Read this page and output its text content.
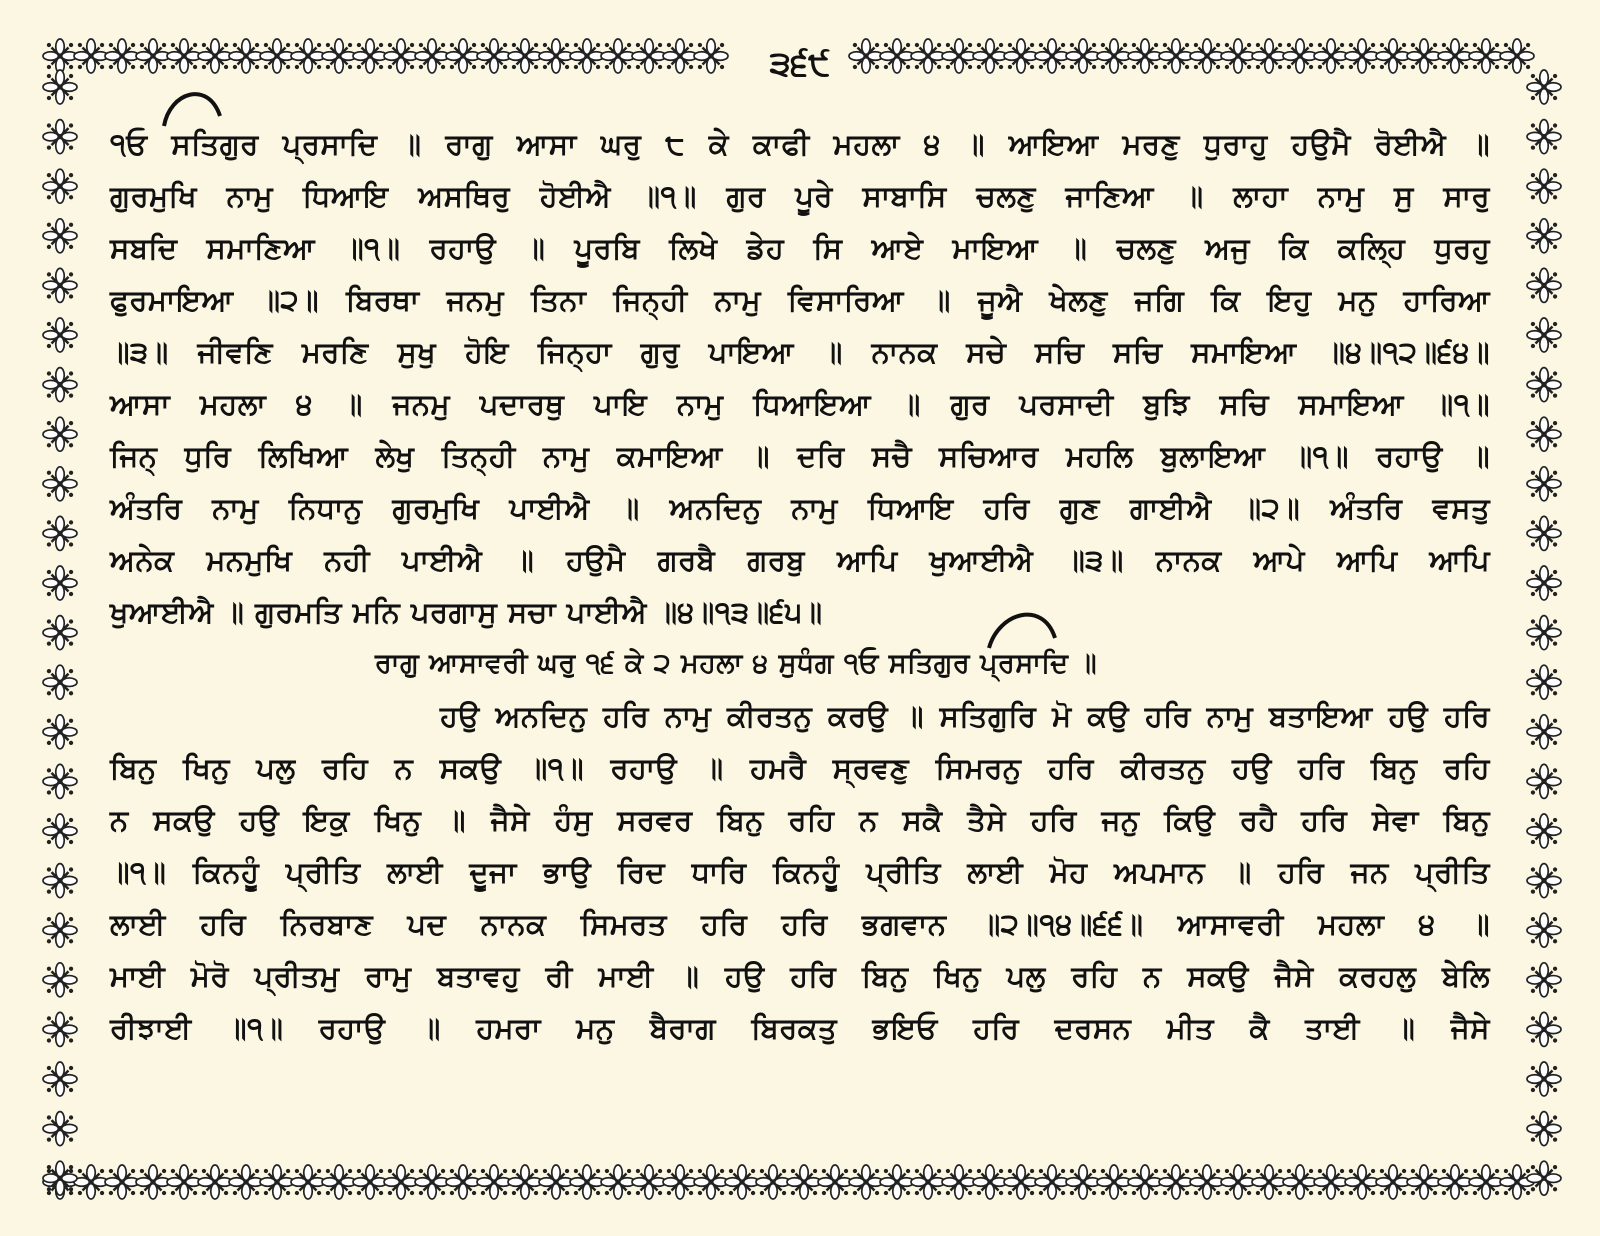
੩੬੯
੧ਓ ਸਤਿਗੁਰ ਪ੍ਰਸਾਦਿ ॥ ਰਾਗੁ ਆਸਾ ਘਰੁ ੮ ਕੇ ਕਾਫੀ ਮਹਲਾ ੪ ॥ ਆਇਆ ਮਰਣੁ ਧੁਰਾਹੁ ਹਉਮੈ ਰੋਈਐ ॥
ਗੁਰਮੁਖਿ ਨਾਮੁ ਧਿਆਇ ਅਸਥਿਰੁ ਹੋਈਐ ॥੧॥ ਗੁਰ ਪੂਰੇ ਸਾਬਾਸਿ ਚਲਣੁ ਜਾਣਿਆ ॥ ਲਾਹਾ ਨਾਮੁ ਸੁ ਸਾਰੁ
ਸਬਦਿ ਸਮਾਣਿਆ ॥੧॥ ਰਹਾਉ ॥ ਪੂਰਬਿ ਲਿਖੇ ਡੇਹ ਸਿ ਆਏ ਮਾਇਆ ॥ ਚਲਣੁ ਅਜੁ ਕਿ ਕਲ੍ਹਿ ਧੁਰਹੁ
ਫੁਰਮਾਇਆ ॥੨॥ ਬਿਰਥਾ ਜਨਮੁ ਤਿਨਾ ਜਿਨ੍ਹੀ ਨਾਮੁ ਵਿਸਾਰਿਆ ॥ ਜੂਐ ਖੇਲਣੁ ਜਗਿ ਕਿ ਇਹੁ ਮਨੁ ਹਾਰਿਆ
॥੩॥ ਜੀਵਣਿ ਮਰਣਿ ਸੁਖੁ ਹੋਇ ਜਿਨ੍ਹਾ ਗੁਰੁ ਪਾਇਆ ॥ ਨਾਨਕ ਸਚੇ ਸਚਿ ਸਚਿ ਸਮਾਇਆ ॥੪॥੧੨॥੬੪॥
ਆਸਾ ਮਹਲਾ ੪ ॥ ਜਨਮੁ ਪਦਾਰਥੁ ਪਾਇ ਨਾਮੁ ਧਿਆਇਆ ॥ ਗੁਰ ਪਰਸਾਦੀ ਬੁਝਿ ਸਚਿ ਸਮਾਇਆ ॥੧॥
ਜਿਨ੍ ਧੁਰਿ ਲਿਖਿਆ ਲੇਖੁ ਤਿਨ੍ਹੀ ਨਾਮੁ ਕਮਾਇਆ ॥ ਦਰਿ ਸਚੈ ਸਚਿਆਰ ਮਹਲਿ ਬੁਲਾਇਆ ॥੧॥ ਰਹਾਉ ॥
ਅੰਤਰਿ ਨਾਮੁ ਨਿਧਾਨੁ ਗੁਰਮੁਖਿ ਪਾਈਐ ॥ ਅਨਦਿਨੁ ਨਾਮੁ ਧਿਆਇ ਹਰਿ ਗੁਣ ਗਾਈਐ ॥੨॥ ਅੰਤਰਿ ਵਸਤੁ
ਅਨੇਕ ਮਨਮੁਖਿ ਨਹੀ ਪਾਈਐ ॥ ਹਉਮੈ ਗਰਬੈ ਗਰਬੁ ਆਪਿ ਖੁਆਈਐ ॥੩॥ ਨਾਨਕ ਆਪੇ ਆਪਿ ਆਪਿ
ਖੁਆਈਐ ॥ ਗੁਰਮਤਿ ਮਨਿ ਪਰਗਾਸੁ ਸਚਾ ਪਾਈਐ ॥੪॥੧੩॥੬੫॥
ਰਾਗੁ ਆਸਾਵਰੀ ਘਰੁ ੧੬ ਕੇ ੨ ਮਹਲਾ ੪ ਸੁਧੰਗ ੧ਓ ਸਤਿਗੁਰ ਪ੍ਰਸਾਦਿ ॥
ਹਉ ਅਨਦਿਨੁ ਹਰਿ ਨਾਮੁ ਕੀਰਤਨੁ ਕਰਉ ॥ ਸਤਿਗੁਰਿ ਮੋ ਕਉ ਹਰਿ ਨਾਮੁ ਬਤਾਇਆ ਹਉ ਹਰਿ
ਬਿਨੁ ਖਿਨੁ ਪਲੁ ਰਹਿ ਨ ਸਕਉ ॥੧॥ ਰਹਾਉ ॥ ਹਮਰੈ ਸ੍ਰਵਣੁ ਸਿਮਰਨੁ ਹਰਿ ਕੀਰਤਨੁ ਹਉ ਹਰਿ ਬਿਨੁ ਰਹਿ
ਨ ਸਕਉ ਹਉ ਇਕੁ ਖਿਨੁ ॥ ਜੈਸੇ ਹੰਸੁ ਸਰਵਰ ਬਿਨੁ ਰਹਿ ਨ ਸਕੈ ਤੈਸੇ ਹਰਿ ਜਨੁ ਕਿਉ ਰਹੈ ਹਰਿ ਸੇਵਾ ਬਿਨੁ
॥੧॥ ਕਿਨਹੂੰ ਪ੍ਰੀਤਿ ਲਾਈ ਦੂਜਾ ਭਾਉ ਰਿਦ ਧਾਰਿ ਕਿਨਹੂੰ ਪ੍ਰੀਤਿ ਲਾਈ ਮੋਹ ਅਪਮਾਨ ॥ ਹਰਿ ਜਨ ਪ੍ਰੀਤਿ
ਲਾਈ ਹਰਿ ਨਿਰਬਾਣ ਪਦ ਨਾਨਕ ਸਿਮਰਤ ਹਰਿ ਹਰਿ ਭਗਵਾਨ ॥੨॥੧੪॥੬੬॥ ਆਸਾਵਰੀ ਮਹਲਾ ੪ ॥
ਮਾਈ ਮੋਰੋ ਪ੍ਰੀਤਮੁ ਰਾਮੁ ਬਤਾਵਹੁ ਰੀ ਮਾਈ ॥ ਹਉ ਹਰਿ ਬਿਨੁ ਖਿਨੁ ਪਲੁ ਰਹਿ ਨ ਸਕਉ ਜੈਸੇ ਕਰਹਲੁ ਬੇਲਿ
ਰੀਝਾਈ ॥੧॥ ਰਹਾਉ ॥ ਹਮਰਾ ਮਨੁ ਬੈਰਾਗ ਬਿਰਕਤੁ ਭਇਓ ਹਰਿ ਦਰਸਨ ਮੀਤ ਕੈ ਤਾਈ ॥ ਜੈਸੇ
